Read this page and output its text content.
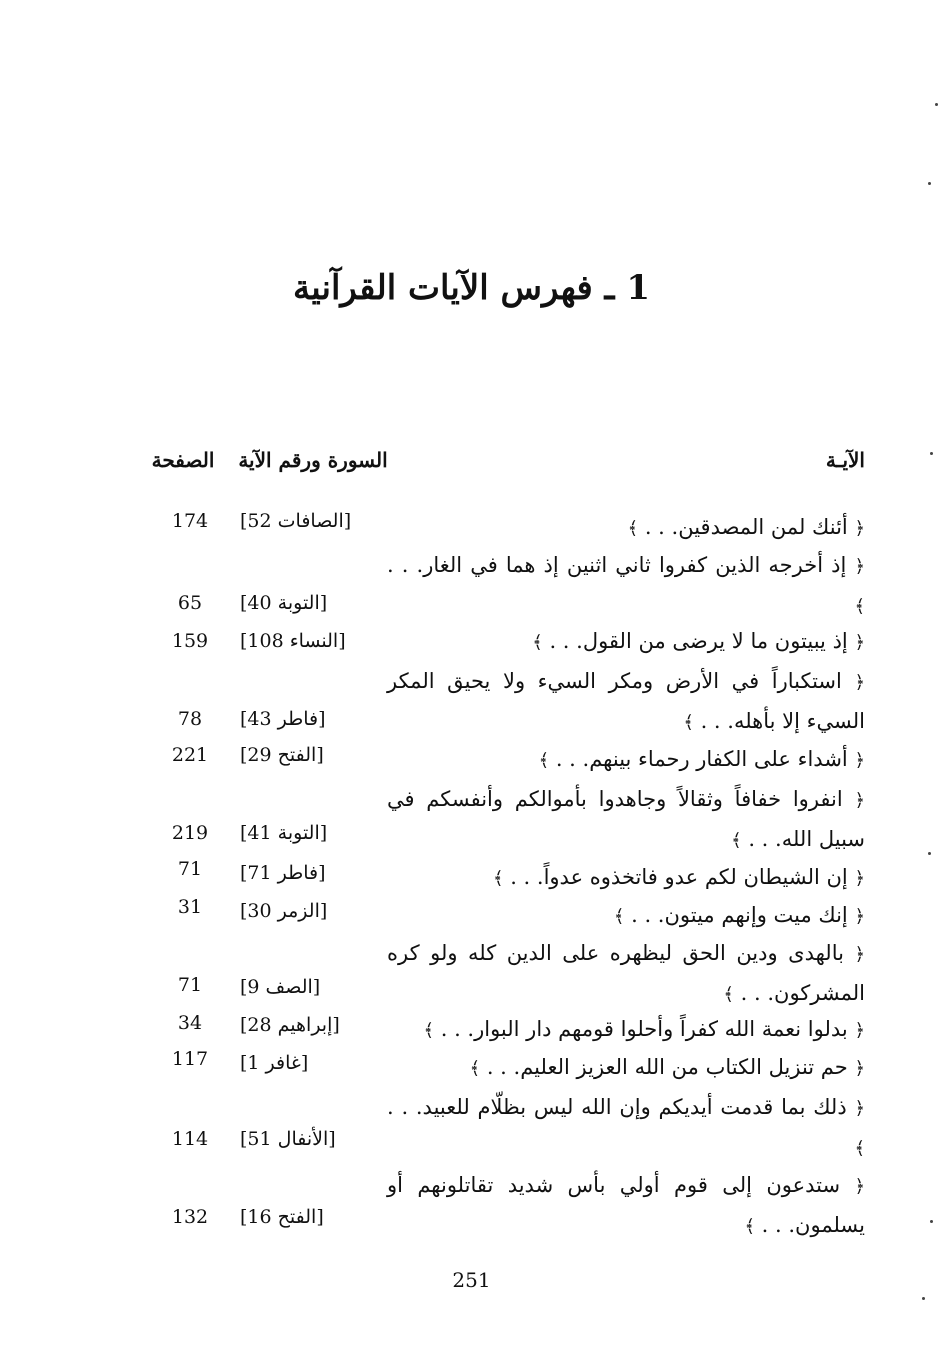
1 ـ فهرس الآيات القرآنية
الآيـة
السورة ورقم الآية
الصفحة
﴿ أئنك لمن المصدقين. . . ﴾
[الصافات 52]
174
﴿ إذ أخرجه الذين كفروا ثاني اثنين إذ هما في الغار. . . ﴾
[التوبة 40]
65
﴿ إذ يبيتون ما لا يرضى من القول. . . ﴾
[النساء 108]
159
﴿ استكباراً في الأرض ومكر السيء ولا يحيق المكر السيء إلا بأهله. . . ﴾
[فاطر 43]
78
﴿ أشداء على الكفار رحماء بينهم. . . ﴾
[الفتح 29]
221
﴿ انفروا خفافاً وثقالاً وجاهدوا بأموالكم وأنفسكم في سبيل الله. . . ﴾
[التوبة 41]
219
﴿ إن الشيطان لكم عدو فاتخذوه عدواً. . . ﴾
[فاطر 71]
71
﴿ إنك ميت وإنهم ميتون. . . ﴾
[الزمر 30]
31
﴿ بالهدى ودين الحق ليظهره على الدين كله ولو كره المشركون. . . ﴾
[الصف 9]
71
﴿ بدلوا نعمة الله كفراً وأحلوا قومهم دار البوار. . . ﴾
[إبراهيم 28]
34
﴿ حم تنزيل الكتاب من الله العزيز العليم. . . ﴾
[غافر 1]
117
﴿ ذلك بما قدمت أيديكم وإن الله ليس بظلّام للعبيد. . . ﴾
[الأنفال 51]
114
﴿ ستدعون إلى قوم أولي بأس شديد تقاتلونهم أو يسلمون. . . ﴾
[الفتح 16]
132
251
